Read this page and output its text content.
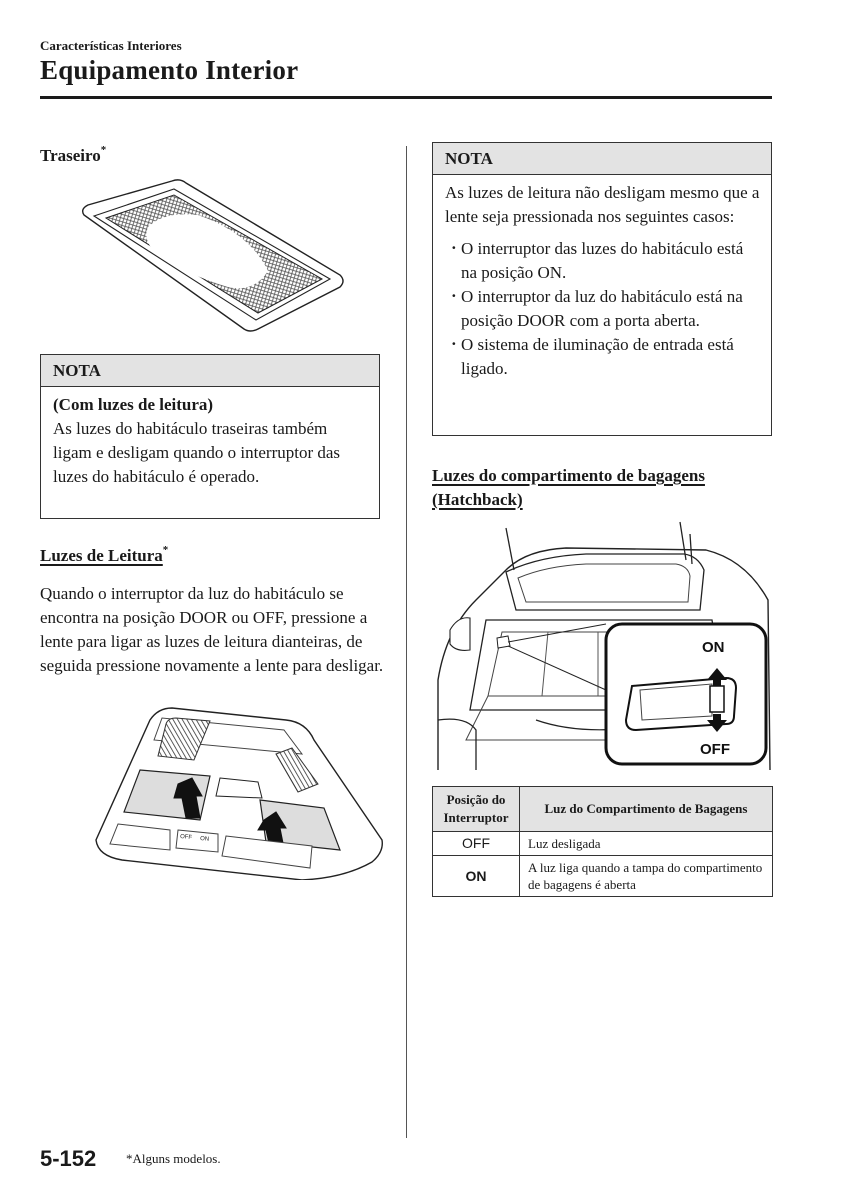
Características Interiores
Equipamento Interior
Traseiro*
NOTA
(Com luzes de leitura)
As luzes do habitáculo traseiras também ligam e desligam quando o interruptor das luzes do habitáculo é operado.
Luzes de Leitura*
Quando o interruptor da luz do habitáculo se encontra na posição DOOR ou OFF, pressione a lente para ligar as luzes de leitura dianteiras, de seguida pressione novamente a lente para desligar.
OFF ON
NOTA
As luzes de leitura não desligam mesmo que a lente seja pressionada nos seguintes casos:
· O interruptor das luzes do habitáculo está na posição ON.
· O interruptor da luz do habitáculo está na posição DOOR com a porta aberta.
· O sistema de iluminação de entrada está ligado.
Luzes do compartimento de bagagens
(Hatchback)
ON
OFF
Posição do Interruptor	Luz do Compartimento de Bagagens
OFF	Luz desligada
ON	A luz liga quando a tampa do compartimento de bagagens é aberta
5-152 *Alguns modelos.
